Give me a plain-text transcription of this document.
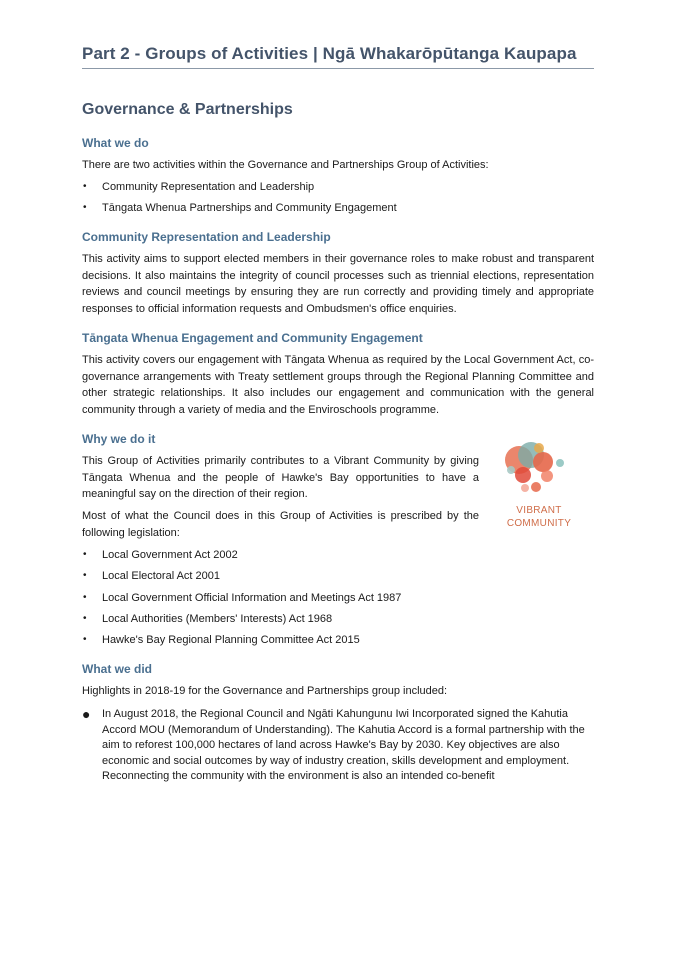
Part 2 - Groups of Activities | Ngā Whakarōpūtanga Kaupapa
Governance & Partnerships
What we do

There are two activities within the Governance and Partnerships Group of Activities:

• Community Representation and Leadership
• Tāngata Whenua Partnerships and Community Engagement
Community Representation and Leadership

This activity aims to support elected members in their governance roles to make robust and transparent decisions. It also maintains the integrity of council processes such as triennial elections, representation reviews and council meetings by ensuring they are run correctly and providing timely and appropriate responses to official information requests and Ombudsmen's office enquiries.

Tāngata Whenua Engagement and Community Engagement

This activity covers our engagement with Tāngata Whenua as required by the Local Government Act, co-governance arrangements with Treaty settlement groups through the Regional Planning Committee and other strategic relationships. It also includes our engagement and communication with the general community through a variety of media and the Enviroschools programme.

Why we do it

This Group of Activities primarily contributes to a Vibrant Community by giving Tāngata Whenua and the people of Hawke's Bay opportunities to have a meaningful say on the direction of their region.

Most of what the Council does in this Group of Activities is prescribed by the following legislation:

• Local Government Act 2002
• Local Electoral Act 2001
• Local Government Official Information and Meetings Act 1987
• Local Authorities (Members' Interests) Act 1968
• Hawke's Bay Regional Planning Committee Act 2015
What we did

Highlights in 2018-19 for the Governance and Partnerships group included:

● In August 2018, the Regional Council and Ngāti Kahungunu Iwi Incorporated signed the Kahutia Accord MOU (Memorandum of Understanding). The Kahutia Accord is a formal partnership with the aim to reforest 100,000 hectares of land across Hawke's Bay by 2030. Key objectives are also economic and social outcomes by way of industry creation, skills development and employment. Reconnecting the community with the environment is also an intended co-benefit
VIBRANT
COMMUNITY
